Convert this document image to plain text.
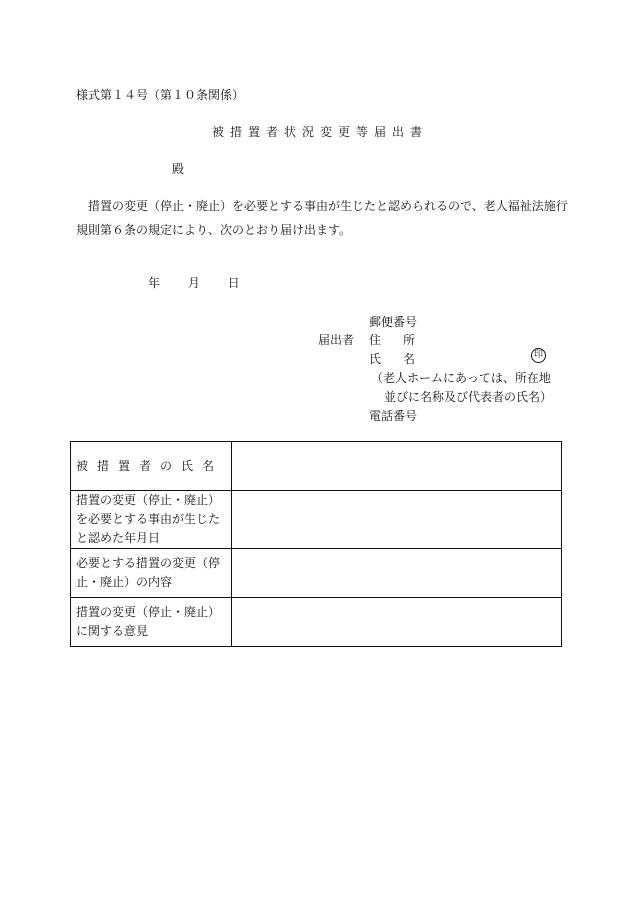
様式第１４号（第１０条関係）
被措置者状況変更等届出書
殿
措置の変更（停止・廃止）を必要とする事由が生じたと認められるので、老人福祉法施行規則第６条の規定により、次のとおり届け出ます。
年 月 日
郵便番号
届出者 住所
氏名	印
（老人ホームにあっては、所在地
並びに名称及び代表者の氏名）
電話番号
被措置者の氏名	
措置の変更（停止・廃止）を必要とする事由が生じたと認めた年月日	
必要とする措置の変更（停止・廃止）の内容	
措置の変更（停止・廃止）に関する意見	
